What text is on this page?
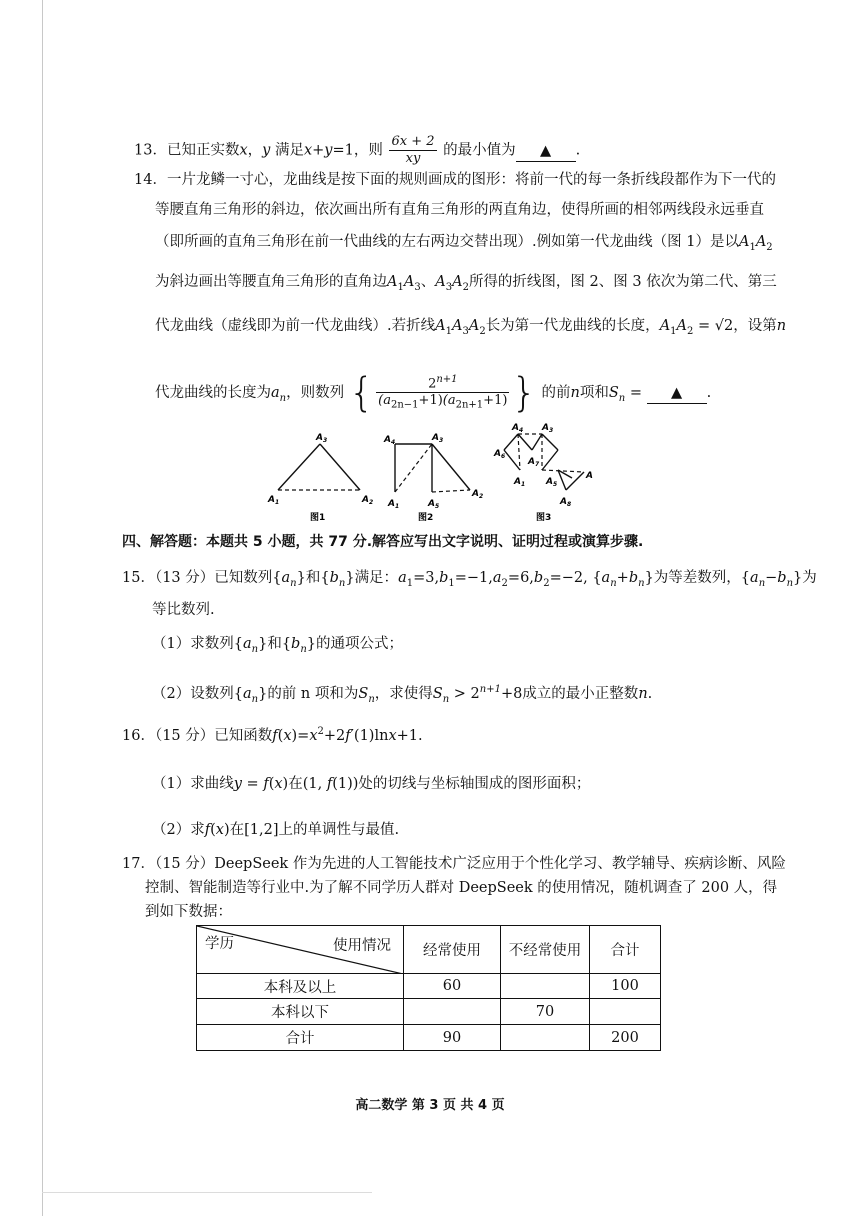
13．已知正实数x，y 满足x+y=1，则 $\frac{6x + 2}{xy}$ 的最小值为 ▲ .
14．一片龙鳞一寸心，龙曲线是按下面的规则画成的图形：将前一代的每一条折线段都作为下一代的
等腰直角三角形的斜边，依次画出所有直角三角形的两直角边，使得所画的相邻两线段永远垂直
（即所画的直角三角形在前一代曲线的左右两边交替出现）.例如第一代龙曲线（图 1）是以$A_1A_2$
为斜边画出等腰直角三角形的直角边$A_1A_3$、$A_3A_2$所得的折线图，图 2、图 3 依次为第二代、第三
代龙曲线（虚线即为前一代龙曲线）.若折线$A_1A_3A_2$长为第一代龙曲线的长度，$A_1A_2 = √2$，设第n
代龙曲线的长度为$a_n$，则数列 { $\frac{2^{n+1}}{(a_{2n-1}+1)(a_{2n+1}+1)}$ } 的前n项和$S_n$ = ▲ .
$A_3$
$A_1$	$A_2$
图1
$A_4$	$A_3$
$A_1$	$A_5$
$A_2$
图2
$A_4$ $A_3$
$A_6$
$A_7$
$A_1$ $A_5$
A
$A_8$
图3
四、解答题：本题共 5 小题，共 77 分.解答应写出文字说明、证明过程或演算步骤.
15．（13 分）已知数列$\{a_n\}$和$\{b_n\}$满足：$a_1=3,b_1=-1,a_2=6,b_2=-2$, $\{a_n+b_n\}$为等差数列，$\{a_n-b_n\}$为
等比数列.
（1）求数列$\{a_n\}$和$\{b_n\}$的通项公式；
（2）设数列$\{a_n\}$的前 n 项和为$S_n$，求使得$S_n > 2^{n+1}+8$成立的最小正整数n.
16．（15 分）已知函数$f(x)=x^2+2f'(1)\ln x+1$.
（1）求曲线y = f(x)在(1, f(1))处的切线与坐标轴围成的图形面积；
（2）求f(x)在[1,2]上的单调性与最值.
17．（15 分）DeepSeek 作为先进的人工智能技术广泛应用于个性化学习、教学辅导、疾病诊断、风险
控制、智能制造等行业中.为了解不同学历人群对 DeepSeek 的使用情况，随机调查了 200 人，得
到如下数据：
学历 使用情况	经常使用	不经常使用	合计
本科及以上	60		100
本科以下		70	
合计	90		200
高二数学 第 3 页 共 4 页
